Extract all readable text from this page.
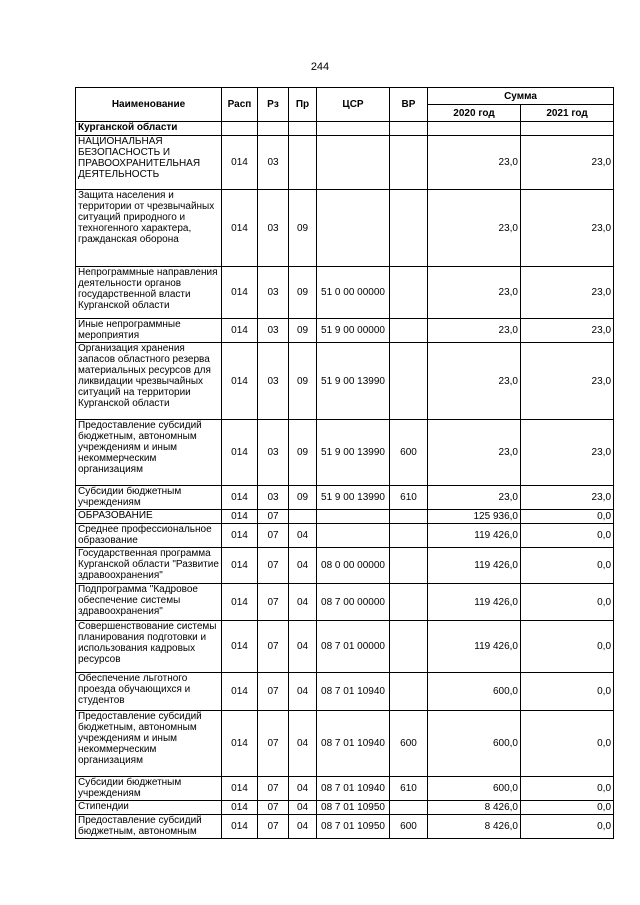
244
Наименование	Расп	Рз	Пр	ЦСР	ВР	Сумма	
						2020 год	2021 год
Курганской области							
НАЦИОНАЛЬНАЯ БЕЗОПАСНОСТЬ И ПРАВООХРАНИТЕЛЬНАЯ ДЕЯТЕЛЬНОСТЬ	014	03				23,0	23,0
Защита населения и территории от чрезвычайных ситуаций природного и техногенного характера, гражданская оборона	014	03	09			23,0	23,0
Непрограммные направления деятельности органов государственной власти Курганской области	014	03	09	51 0 00 00000		23,0	23,0
Иные непрограммные мероприятия	014	03	09	51 9 00 00000		23,0	23,0
Организация хранения запасов областного резерва материальных ресурсов для ликвидации чрезвычайных ситуаций на территории Курганской области	014	03	09	51 9 00 13990		23,0	23,0
Предоставление субсидий бюджетным, автономным учреждениям и иным некоммерческим организациям	014	03	09	51 9 00 13990	600	23,0	23,0
Субсидии бюджетным учреждениям	014	03	09	51 9 00 13990	610	23,0	23,0
ОБРАЗОВАНИЕ	014	07				125 936,0	0,0
Среднее профессиональное образование	014	07	04			119 426,0	0,0
Государственная программа Курганской области "Развитие здравоохранения"	014	07	04	08 0 00 00000		119 426,0	0,0
Подпрограмма "Кадровое обеспечение системы здравоохранения"	014	07	04	08 7 00 00000		119 426,0	0,0
Совершенствование системы планирования подготовки и использования кадровых ресурсов	014	07	04	08 7 01 00000		119 426,0	0,0
Обеспечение льготного проезда обучающихся и студентов	014	07	04	08 7 01 10940		600,0	0,0
Предоставление субсидий бюджетным, автономным учреждениям и иным некоммерческим организациям	014	07	04	08 7 01 10940	600	600,0	0,0
Субсидии бюджетным учреждениям	014	07	04	08 7 01 10940	610	600,0	0,0
Стипендии	014	07	04	08 7 01 10950		8 426,0	0,0
Предоставление субсидий бюджетным, автономным	014	07	04	08 7 01 10950	600	8 426,0	0,0
